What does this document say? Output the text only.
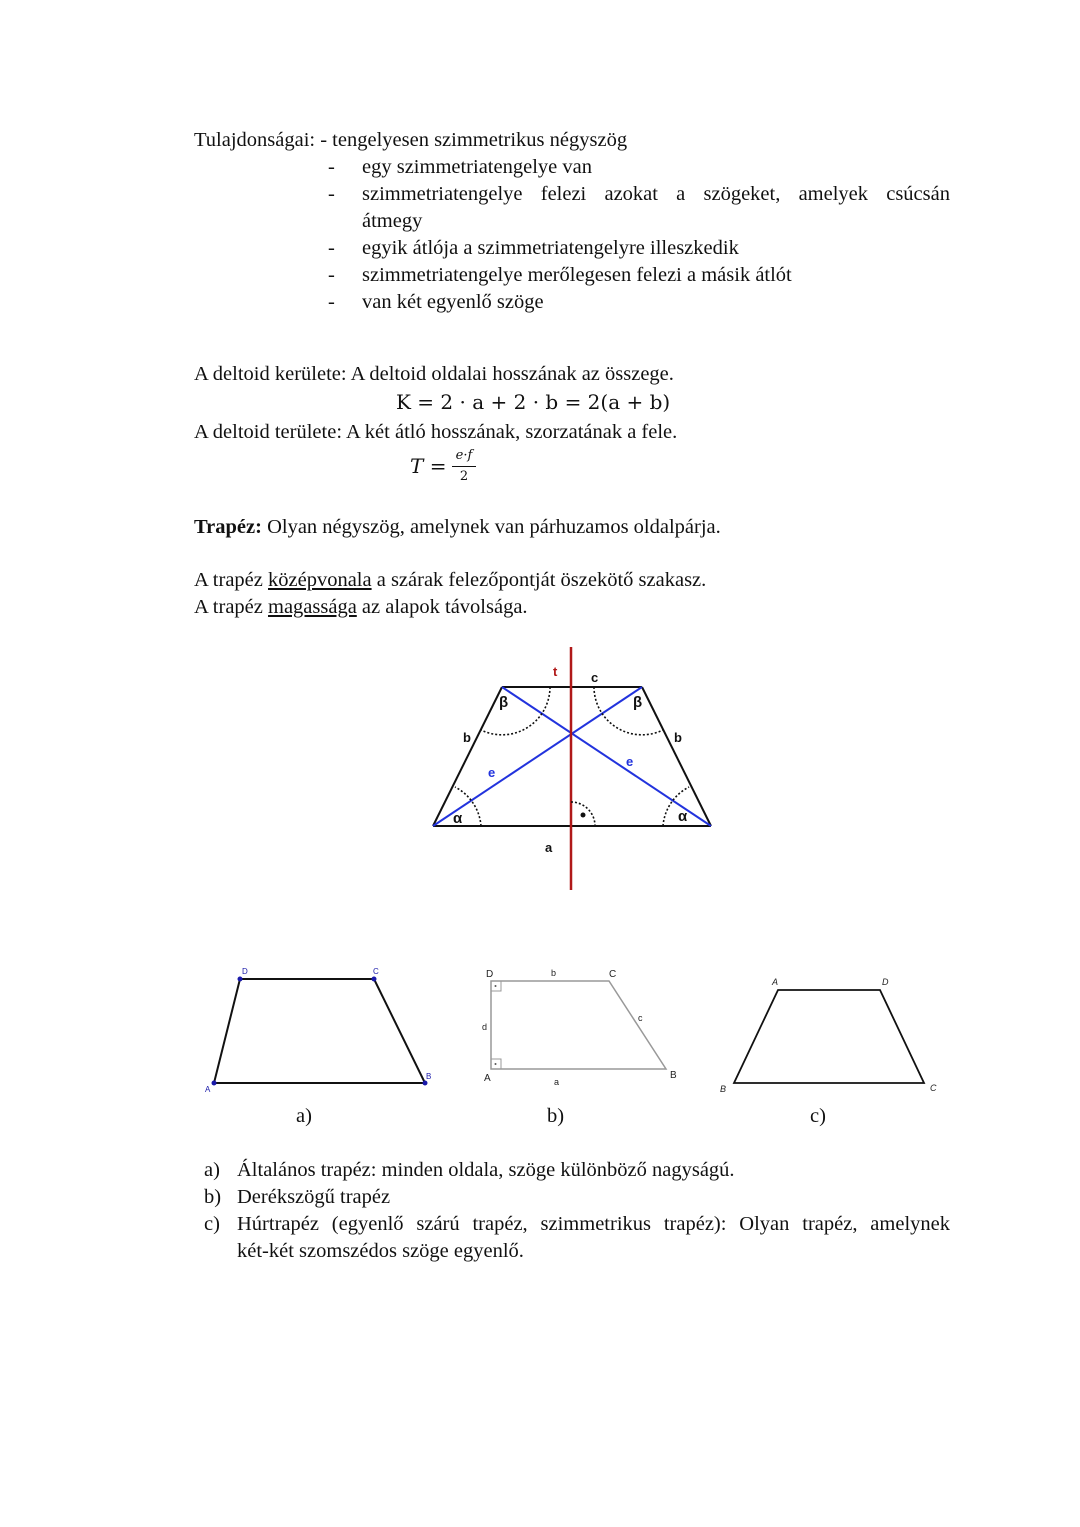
Tulajdonságai: - tengelyesen szimmetrikus négyszög
- egy szimmetriatengelye van
- szimmetriatengelye felezi azokat a szögeket, amelyek csúcsán
átmegy
- egyik átlója a szimmetriatengelyre illeszkedik
- szimmetriatengelye merőlegesen felezi a másik átlót
- van két egyenlő szöge
A deltoid kerülete: A deltoid oldalai hosszának az összege.
K = 2 · a + 2 · b = 2(a + b)
A deltoid területe: A két átló hosszának, szorzatának a fele.
T = e·f
2
Trapéz: Olyan négyszög, amelynek van párhuzamos oldalpárja.
A trapéz középvonala a szárak felezőpontját öszekötő szakasz.
A trapéz magassága az alapok távolsága.
t	c
b	b
e
e
a
α	α
β	β
A
B
C
D
A	B
C
D
a
b
c
d
A
B	C
D
a)	b)	c)
a) Általános trapéz: minden oldala, szöge különböző nagyságú.
b) Derékszögű trapéz
c) Húrtrapéz (egyenlő szárú trapéz, szimmetrikus trapéz): Olyan trapéz, amelynek
két-két szomszédos szöge egyenlő.
